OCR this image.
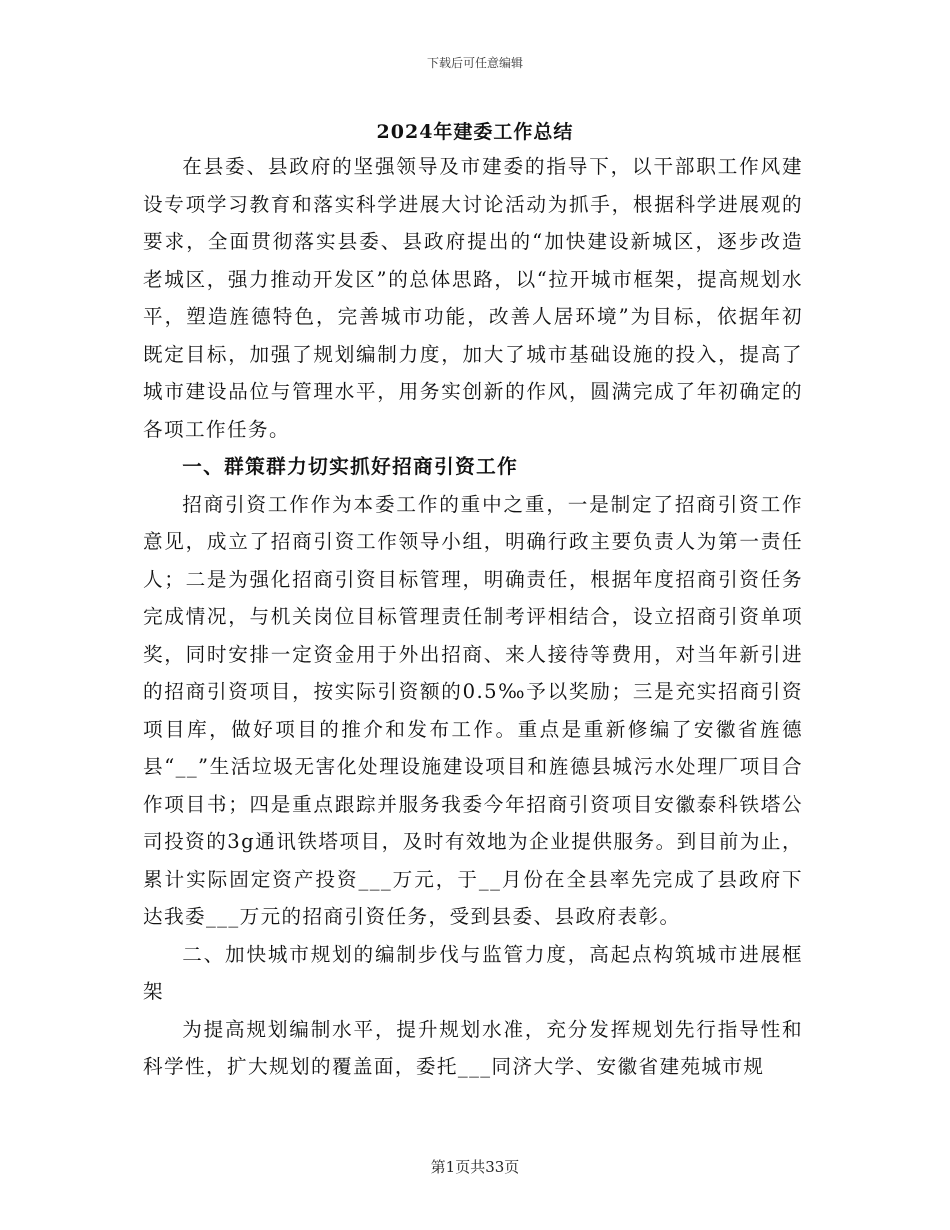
下载后可任意编辑
2024年建委工作总结

在县委、县政府的坚强领导及市建委的指导下，以干部职工作风建设专项学习教育和落实科学进展大讨论活动为抓手，根据科学进展观的要求，全面贯彻落实县委、县政府提出的“加快建设新城区，逐步改造老城区，强力推动开发区”的总体思路，以“拉开城市框架，提高规划水平，塑造旌德特色，完善城市功能，改善人居环境”为目标，依据年初既定目标，加强了规划编制力度，加大了城市基础设施的投入，提高了城市建设品位与管理水平，用务实创新的作风，圆满完成了年初确定的各项工作任务。

一、群策群力切实抓好招商引资工作

招商引资工作作为本委工作的重中之重，一是制定了招商引资工作意见，成立了招商引资工作领导小组，明确行政主要负责人为第一责任人；二是为强化招商引资目标管理，明确责任，根据年度招商引资任务完成情况，与机关岗位目标管理责任制考评相结合，设立招商引资单项奖，同时安排一定资金用于外出招商、来人接待等费用，对当年新引进的招商引资项目，按实际引资额的0.5‰予以奖励；三是充实招商引资项目库，做好项目的推介和发布工作。重点是重新修编了安徽省旌德县“__”生活垃圾无害化处理设施建设项目和旌德县城污水处理厂项目合作项目书；四是重点跟踪并服务我委今年招商引资项目安徽泰科铁塔公司投资的3g通讯铁塔项目，及时有效地为企业提供服务。到目前为止，累计实际固定资产投资___万元，于__月份在全县率先完成了县政府下达我委___万元的招商引资任务，受到县委、县政府表彰。

二、加快城市规划的编制步伐与监管力度，高起点构筑城市进展框架

为提高规划编制水平，提升规划水准，充分发挥规划先行指导性和科学性，扩大规划的覆盖面，委托___同济大学、安徽省建苑城市规

第1页共33页
